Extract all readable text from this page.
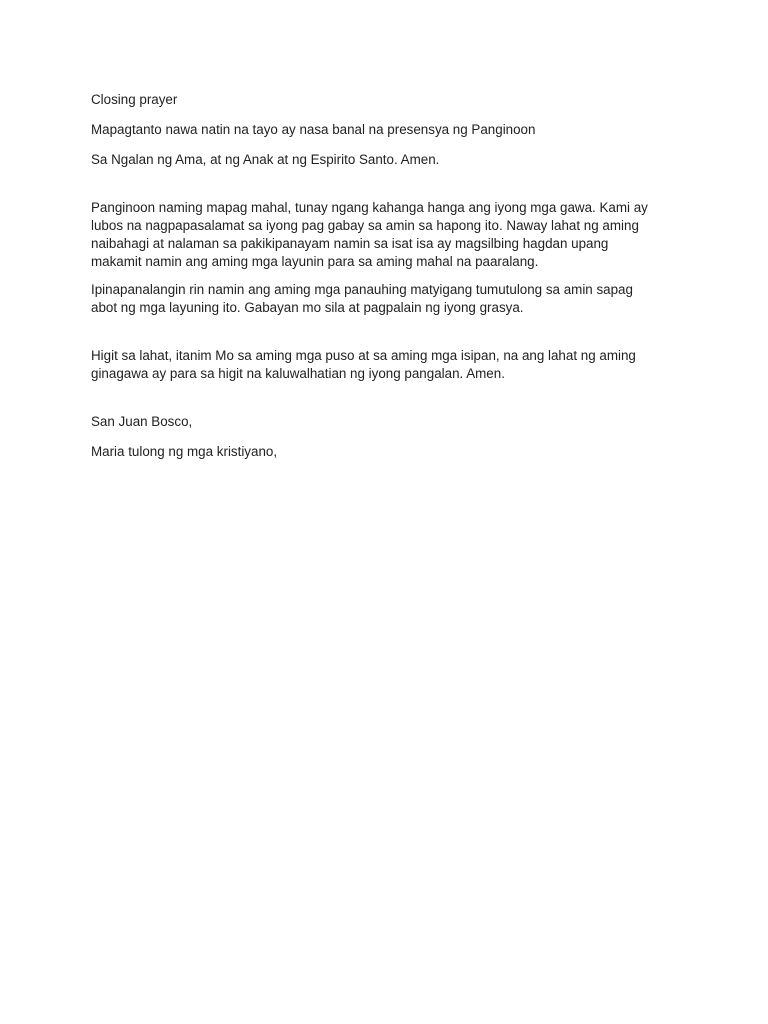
Closing prayer

Mapagtanto nawa natin na tayo ay nasa banal na presensya ng Panginoon

Sa Ngalan ng Ama, at ng Anak at ng Espirito Santo. Amen.

Panginoon naming mapag mahal, tunay ngang kahanga hanga ang iyong mga gawa. Kami ay

lubos na nagpapasalamat sa iyong pag gabay sa amin sa hapong ito. Naway lahat ng aming

naibahagi at nalaman sa pakikipanayam namin sa isat isa ay magsilbing hagdan upang

makamit namin ang aming mga layunin para sa aming mahal na paaralang.

Ipinapanalangin rin namin ang aming mga panauhing matyigang tumutulong sa amin sapag

abot ng mga layuning ito. Gabayan mo sila at pagpalain ng iyong grasya.

Higit sa lahat, itanim Mo sa aming mga puso at sa aming mga isipan, na ang lahat ng aming

ginagawa ay para sa higit na kaluwalhatian ng iyong pangalan. Amen.

San Juan Bosco,

Maria tulong ng mga kristiyano,
